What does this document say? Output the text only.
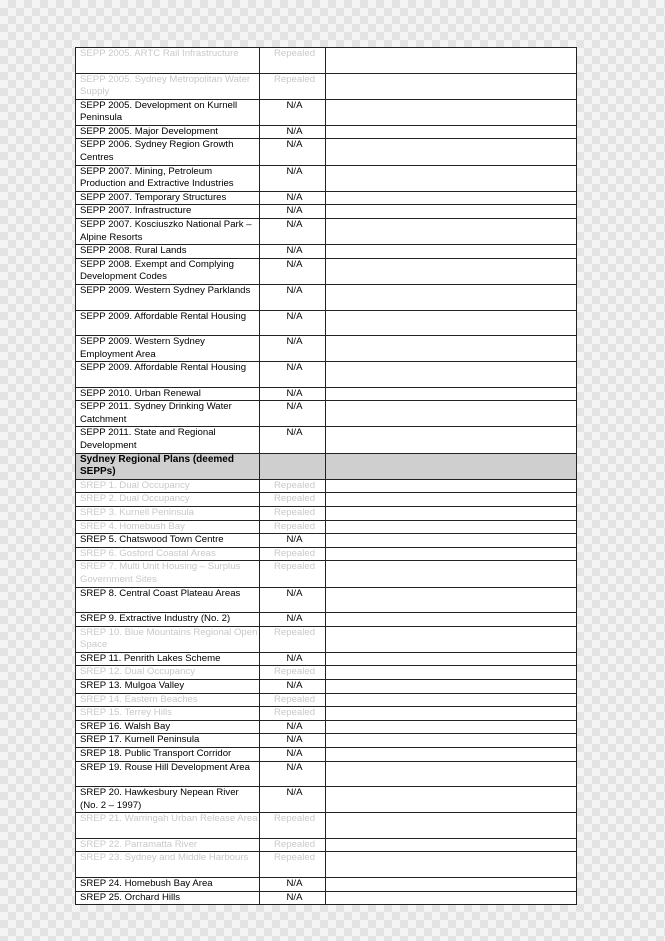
SEPP 2005. ARTC Rail Infrastructure	Repealed	
SEPP 2005. Sydney Metropolitan Water Supply	Repealed	
SEPP 2005. Development on Kurnell Peninsula	N/A	
SEPP 2005. Major Development	N/A	
SEPP 2006. Sydney Region Growth Centres	N/A	
SEPP 2007. Mining, Petroleum Production and Extractive Industries	N/A	
SEPP 2007. Temporary Structures	N/A	
SEPP 2007. Infrastructure	N/A	
SEPP 2007. Kosciuszko National Park – Alpine Resorts	N/A	
SEPP 2008. Rural Lands	N/A	
SEPP 2008. Exempt and Complying Development Codes	N/A	
SEPP 2009. Western Sydney Parklands	N/A	
SEPP 2009. Affordable Rental Housing	N/A	
SEPP 2009. Western Sydney Employment Area	N/A	
SEPP 2009. Affordable Rental Housing	N/A	
SEPP 2010. Urban Renewal	N/A	
SEPP 2011. Sydney Drinking Water Catchment	N/A	
SEPP 2011. State and Regional Development	N/A	
Sydney Regional Plans (deemed SEPPs)		
SREP 1. Dual Occupancy	Repealed	
SREP 2. Dual Occupancy	Repealed	
SREP 3. Kurnell Peninsula	Repealed	
SREP 4. Homebush Bay	Repealed	
SREP 5. Chatswood Town Centre	N/A	
SREP 6. Gosford Coastal Areas	Repealed	
SREP 7. Multi Unit Housing – Surplus Government Sites	Repealed	
SREP 8. Central Coast Plateau Areas	N/A	
SREP 9. Extractive Industry (No. 2)	N/A	
SREP 10. Blue Mountains Regional Open Space	Repealed	
SREP 11. Penrith Lakes Scheme	N/A	
SREP 12. Dual Occupancy	Repealed	
SREP 13. Mulgoa Valley	N/A	
SREP 14. Eastern Beaches	Repealed	
SREP 15. Terrey Hills	Repealed	
SREP 16. Walsh Bay	N/A	
SREP 17. Kurnell Peninsula	N/A	
SREP 18. Public Transport Corridor	N/A	
SREP 19. Rouse Hill Development Area	N/A	
SREP 20. Hawkesbury Nepean River (No. 2 – 1997)	N/A	
SREP 21. Warringah Urban Release Area	Repealed	
SREP 22. Parramatta River	Repealed	
SREP 23. Sydney and Middle Harbours	Repealed	
SREP 24. Homebush Bay Area	N/A	
SREP 25. Orchard Hills	N/A	
